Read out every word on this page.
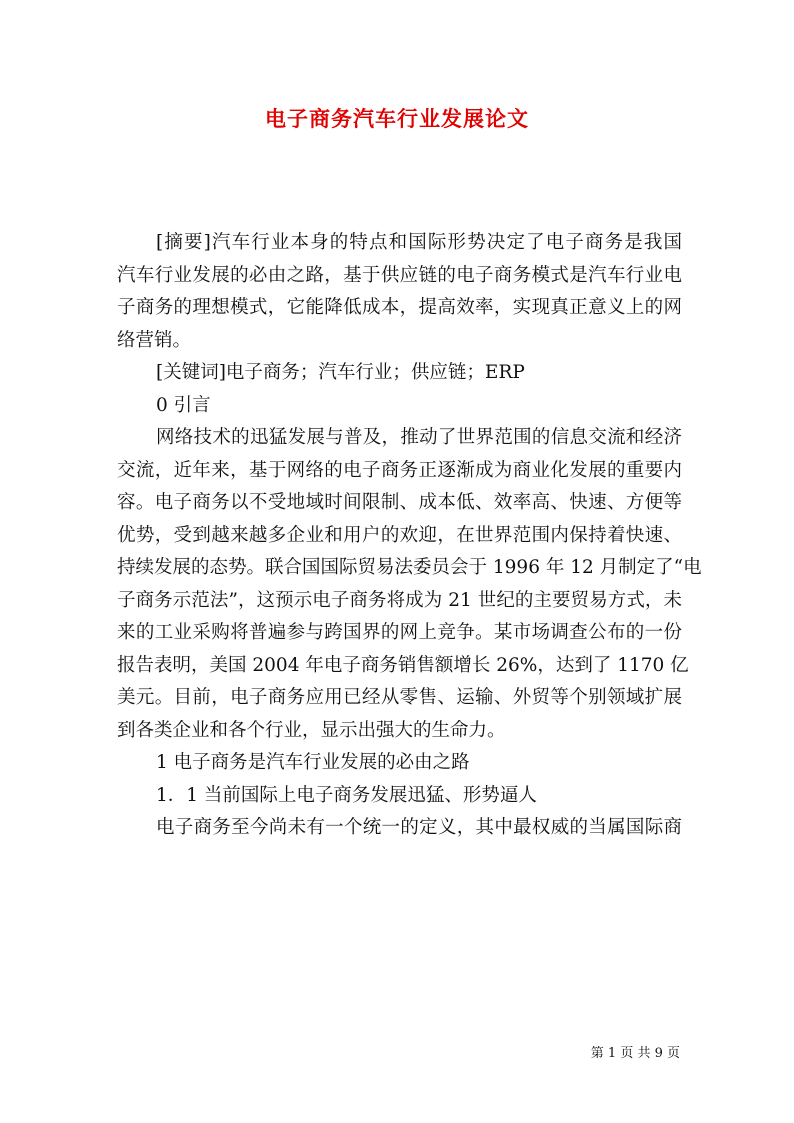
电子商务汽车行业发展论文
[摘要]汽车行业本身的特点和国际形势决定了电子商务是我国
汽车行业发展的必由之路，基于供应链的电子商务模式是汽车行业电
子商务的理想模式，它能降低成本，提高效率，实现真正意义上的网
络营销。
[关键词]电子商务；汽车行业；供应链；ERP
0 引言
网络技术的迅猛发展与普及，推动了世界范围的信息交流和经济
交流，近年来，基于网络的电子商务正逐渐成为商业化发展的重要内
容。电子商务以不受地域时间限制、成本低、效率高、快速、方便等
优势，受到越来越多企业和用户的欢迎，在世界范围内保持着快速、
持续发展的态势。联合国国际贸易法委员会于 1996 年 12 月制定了“电
子商务示范法”，这预示电子商务将成为 21 世纪的主要贸易方式，未
来的工业采购将普遍参与跨国界的网上竞争。某市场调查公布的一份
报告表明，美国 2004 年电子商务销售额增长 26%，达到了 1170 亿
美元。目前，电子商务应用已经从零售、运输、外贸等个别领域扩展
到各类企业和各个行业，显示出强大的生命力。
1 电子商务是汽车行业发展的必由之路
1．1 当前国际上电子商务发展迅猛、形势逼人
电子商务至今尚未有一个统一的定义，其中最权威的当属国际商
第 1 页 共 9 页
